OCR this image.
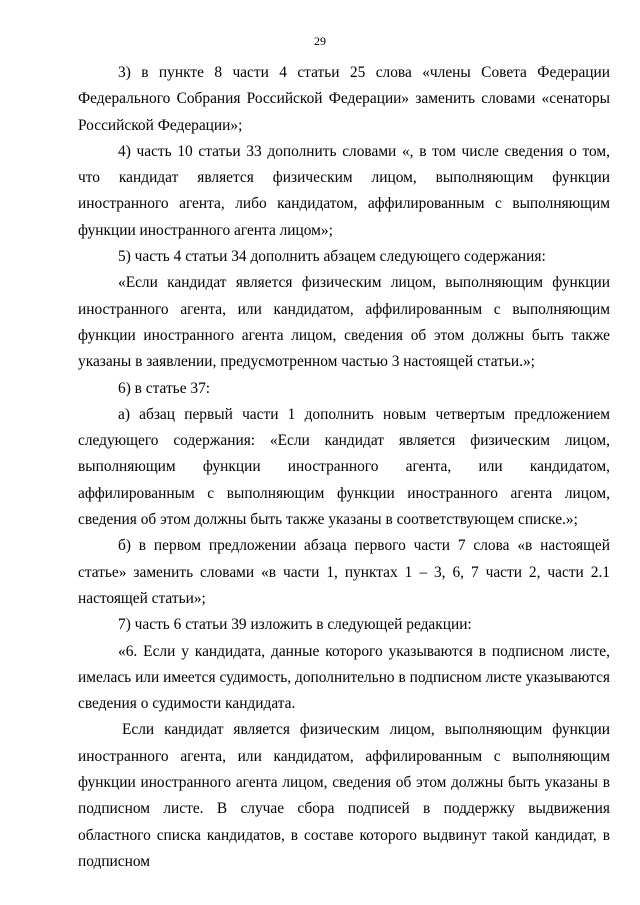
29

3) в пункте 8 части 4 статьи 25 слова «члены Совета Федерации Федерального Собрания Российской Федерации» заменить словами «сенаторы Российской Федерации»;

4) часть 10 статьи 33 дополнить словами «, в том числе сведения о том, что кандидат является физическим лицом, выполняющим функции иностранного агента, либо кандидатом, аффилированным с выполняющим функции иностранного агента лицом»;

5) часть 4 статьи 34 дополнить абзацем следующего содержания:

«Если кандидат является физическим лицом, выполняющим функции иностранного агента, или кандидатом, аффилированным с выполняющим функции иностранного агента лицом, сведения об этом должны быть также указаны в заявлении, предусмотренном частью 3 настоящей статьи.»;

6) в статье 37:

а) абзац первый части 1 дополнить новым четвертым предложением следующего содержания: «Если кандидат является физическим лицом, выполняющим функции иностранного агента, или кандидатом, аффилированным с выполняющим функции иностранного агента лицом, сведения об этом должны быть также указаны в соответствующем списке.»;

б) в первом предложении абзаца первого части 7 слова «в настоящей статье» заменить словами «в части 1, пунктах 1 – 3, 6, 7 части 2, части 2.1 настоящей статьи»;

7) часть 6 статьи 39 изложить в следующей редакции:

«6. Если у кандидата, данные которого указываются в подписном листе, имелась или имеется судимость, дополнительно в подписном листе указываются сведения о судимости кандидата.

Если кандидат является физическим лицом, выполняющим функции иностранного агента, или кандидатом, аффилированным с выполняющим функции иностранного агента лицом, сведения об этом должны быть указаны в подписном листе. В случае сбора подписей в поддержку выдвижения областного списка кандидатов, в составе которого выдвинут такой кандидат, в подписном
